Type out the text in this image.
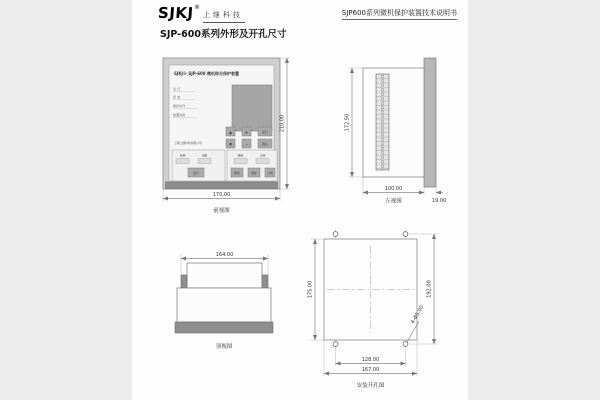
SJKJ®
上继科技	SJP600系列微机保护装置技术说明书
SJP-600系列外形及开孔尺寸
SJKJ® SJP-600 微机综合保护装置
运 行
充 电
保护动作
装置异常
▲	+	复归
▼	-	确认
上海上继科技有限公司
检修	闭锁
复位
跳闸	合闸
跳闸	储能	合闸
210.00
170.00
前视图
172.50
100.00
19.00
左视图
164.00
顶视图
4-Φ5.00
175.00	192.00
128.00
167.00
安装开孔图
